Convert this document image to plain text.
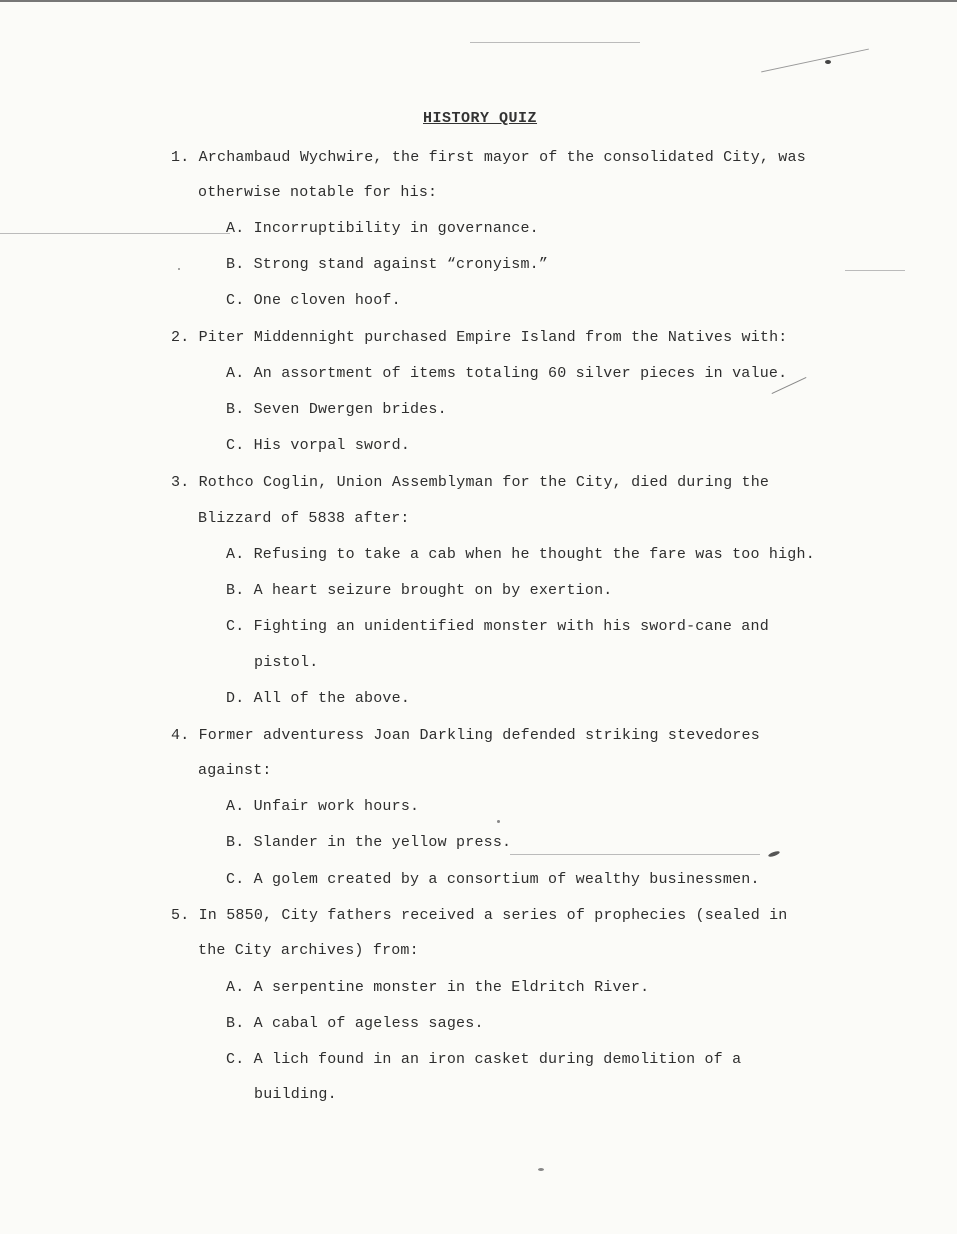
HISTORY QUIZ
1. Archambaud Wychwire, the first mayor of the consolidated City, was
otherwise notable for his:
A. Incorruptibility in governance.
B. Strong stand against “cronyism.”
C. One cloven hoof.
2. Piter Middennight purchased Empire Island from the Natives with:
A. An assortment of items totaling 60 silver pieces in value.
B. Seven Dwergen brides.
C. His vorpal sword.
3. Rothco Coglin, Union Assemblyman for the City, died during the
Blizzard of 5838 after:
A. Refusing to take a cab when he thought the fare was too high.
B. A heart seizure brought on by exertion.
C. Fighting an unidentified monster with his sword-cane and
pistol.
D. All of the above.
4. Former adventuress Joan Darkling defended striking stevedores
against:
A. Unfair work hours.
B. Slander in the yellow press.
C. A golem created by a consortium of wealthy businessmen.
5. In 5850, City fathers received a series of prophecies (sealed in
the City archives) from:
A. A serpentine monster in the Eldritch River.
B. A cabal of ageless sages.
C. A lich found in an iron casket during demolition of a
building.
